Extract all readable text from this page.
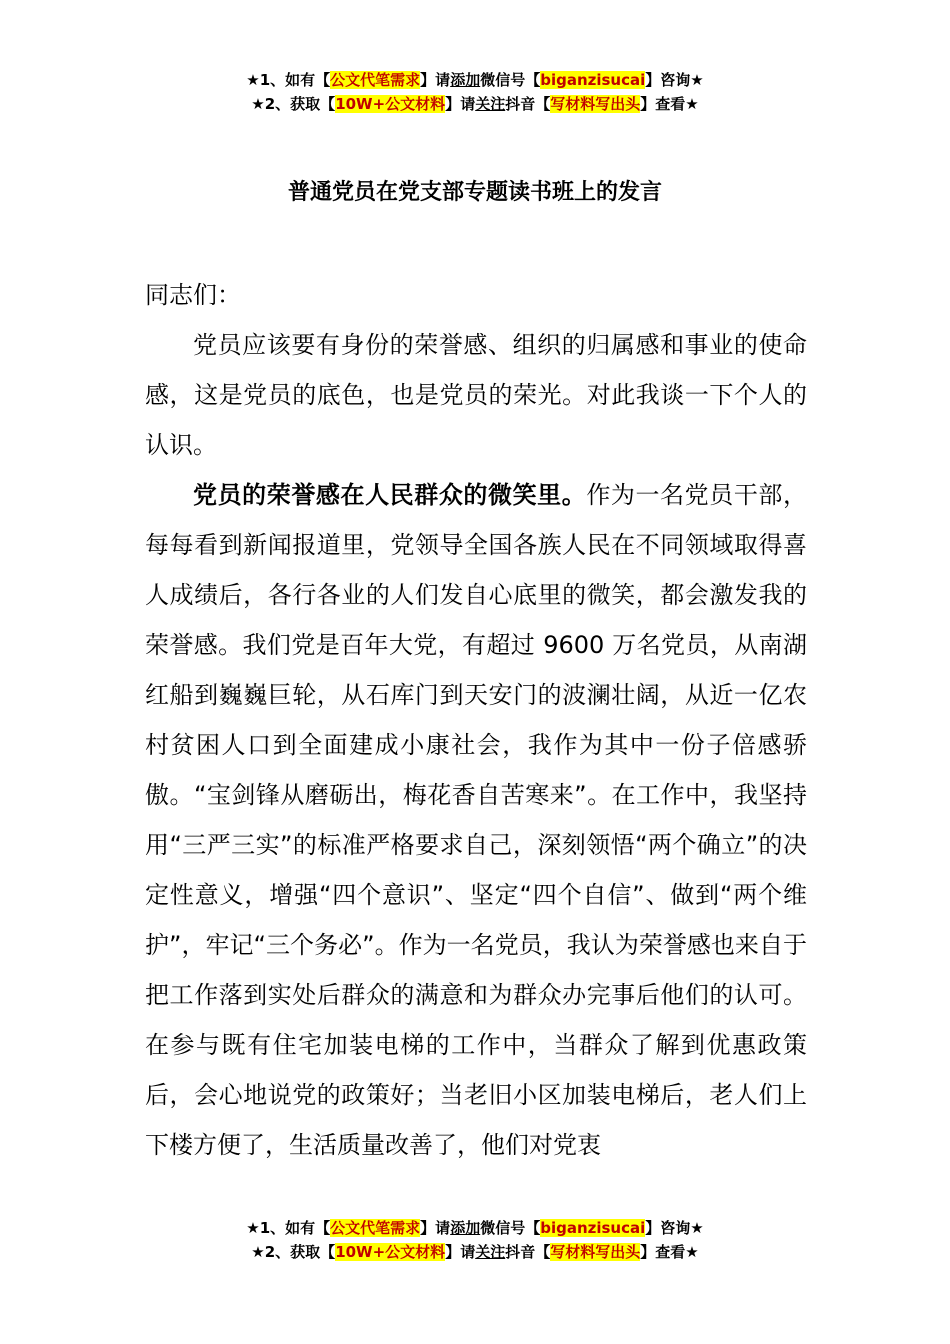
★1、如有【公文代笔需求】请添加微信号【biganzisucai】咨询★
★2、获取【10W+公文材料】请关注抖音【写材料写出头】查看★
普通党员在党支部专题读书班上的发言

同志们：

党员应该要有身份的荣誉感、组织的归属感和事业的使命感，这是党员的底色，也是党员的荣光。对此我谈一下个人的认识。

党员的荣誉感在人民群众的微笑里。作为一名党员干部，每每看到新闻报道里，党领导全国各族人民在不同领域取得喜人成绩后，各行各业的人们发自心底里的微笑，都会激发我的荣誉感。我们党是百年大党，有超过 9600 万名党员，从南湖红船到巍巍巨轮，从石库门到天安门的波澜壮阔，从近一亿农村贫困人口到全面建成小康社会，我作为其中一份子倍感骄傲。“宝剑锋从磨砺出，梅花香自苦寒来”。在工作中，我坚持用“三严三实”的标准严格要求自己，深刻领悟“两个确立”的决定性意义，增强“四个意识”、坚定“四个自信”、做到“两个维护”，牢记“三个务必”。作为一名党员，我认为荣誉感也来自于把工作落到实处后群众的满意和为群众办完事后他们的认可。在参与既有住宅加装电梯的工作中，当群众了解到优惠政策后，会心地说党的政策好；当老旧小区加装电梯后，老人们上下楼方便了，生活质量改善了，他们对党衷

★1、如有【公文代笔需求】请添加微信号【biganzisucai】咨询★
★2、获取【10W+公文材料】请关注抖音【写材料写出头】查看★
